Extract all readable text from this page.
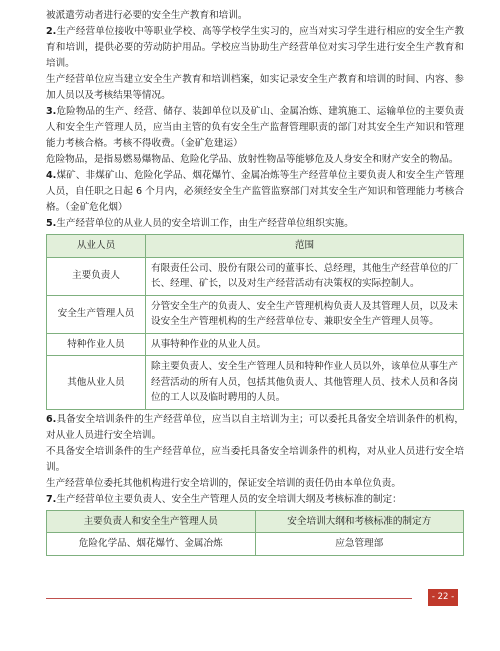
被派遣劳动者进行必要的安全生产教育和培训。

2.生产经营单位接收中等职业学校、高等学校学生实习的，应当对实习学生进行相应的安全生产教育和培训，提供必要的劳动防护用品。学校应当协助生产经营单位对实习学生进行安全生产教育和培训。

生产经营单位应当建立安全生产教育和培训档案，如实记录安全生产教育和培训的时间、内容、参加人员以及考核结果等情况。

3.危险物品的生产、经营、储存、装卸单位以及矿山、金属冶炼、建筑施工、运输单位的主要负责人和安全生产管理人员，应当由主管的负有安全生产监督管理职责的部门对其安全生产知识和管理能力考核合格。考核不得收费。（金矿危建运）

危险物品，是指易燃易爆物品、危险化学品、放射性物品等能够危及人身安全和财产安全的物品。

4.煤矿、非煤矿山、危险化学品、烟花爆竹、金属冶炼等生产经营单位主要负责人和安全生产管理人员，自任职之日起 6 个月内，必须经安全生产监管监察部门对其安全生产知识和管理能力考核合格。（金矿危化烟）

5.生产经营单位的从业人员的安全培训工作，由生产经营单位组织实施。

从业人员	范围
主要负责人	有限责任公司、股份有限公司的董事长、总经理，其他生产经营单位的厂长、经理、矿长，以及对生产经营活动有决策权的实际控制人。
安全生产管理人员	分管安全生产的负责人、安全生产管理机构负责人及其管理人员，以及未设安全生产管理机构的生产经营单位专、兼职安全生产管理人员等。
特种作业人员	从事特种作业的从业人员。
其他从业人员	除主要负责人、安全生产管理人员和特种作业人员以外，该单位从事生产经营活动的所有人员，包括其他负责人、其他管理人员、技术人员和各岗位的工人以及临时聘用的人员。

6.具备安全培训条件的生产经营单位，应当以自主培训为主；可以委托具备安全培训条件的机构，对从业人员进行安全培训。

不具备安全培训条件的生产经营单位，应当委托具备安全培训条件的机构，对从业人员进行安全培训。

生产经营单位委托其他机构进行安全培训的，保证安全培训的责任仍由本单位负责。

7.生产经营单位主要负责人、安全生产管理人员的安全培训大纲及考核标准的制定：

主要负责人和安全生产管理人员	安全培训大纲和考核标准的制定方
危险化学品、烟花爆竹、金属冶炼	应急管理部
- 22 -
